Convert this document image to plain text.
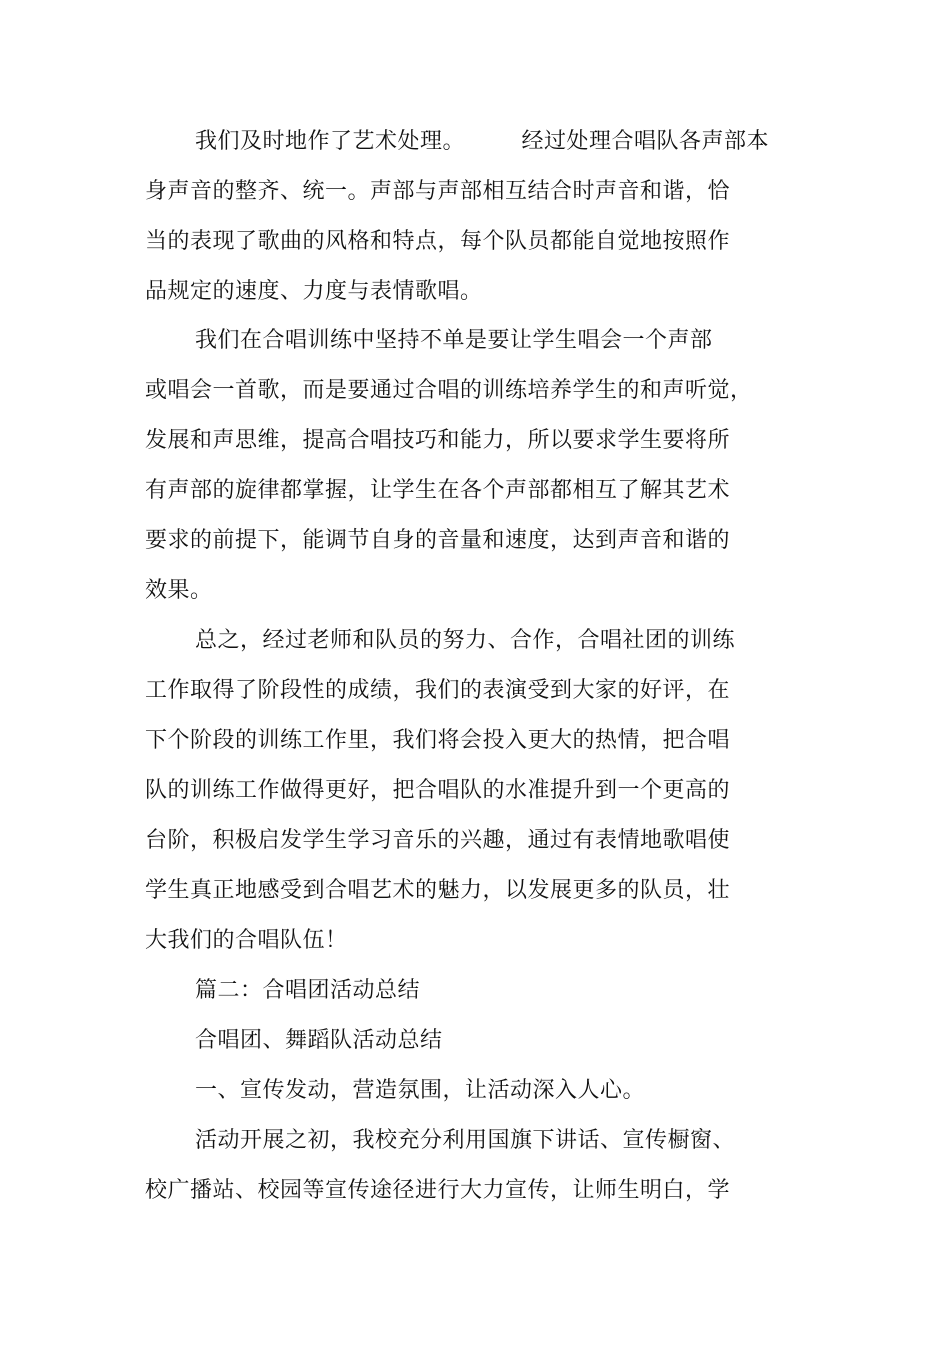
我们及时地作了艺术处理。　　　经过处理合唱队各声部本
身声音的整齐、统一。声部与声部相互结合时声音和谐，恰
当的表现了歌曲的风格和特点，每个队员都能自觉地按照作
品规定的速度、力度与表情歌唱。
我们在合唱训练中坚持不单是要让学生唱会一个声部
或唱会一首歌，而是要通过合唱的训练培养学生的和声听觉，
发展和声思维，提高合唱技巧和能力，所以要求学生要将所
有声部的旋律都掌握，让学生在各个声部都相互了解其艺术
要求的前提下，能调节自身的音量和速度，达到声音和谐的
效果。
总之，经过老师和队员的努力、合作，合唱社团的训练
工作取得了阶段性的成绩，我们的表演受到大家的好评，在
下个阶段的训练工作里，我们将会投入更大的热情，把合唱
队的训练工作做得更好，把合唱队的水准提升到一个更高的
台阶，积极启发学生学习音乐的兴趣，通过有表情地歌唱使
学生真正地感受到合唱艺术的魅力，以发展更多的队员，壮
大我们的合唱队伍！
篇二：合唱团活动总结
合唱团、舞蹈队活动总结
一、宣传发动，营造氛围，让活动深入人心。
活动开展之初，我校充分利用国旗下讲话、宣传橱窗、
校广播站、校园等宣传途径进行大力宣传，让师生明白，学
